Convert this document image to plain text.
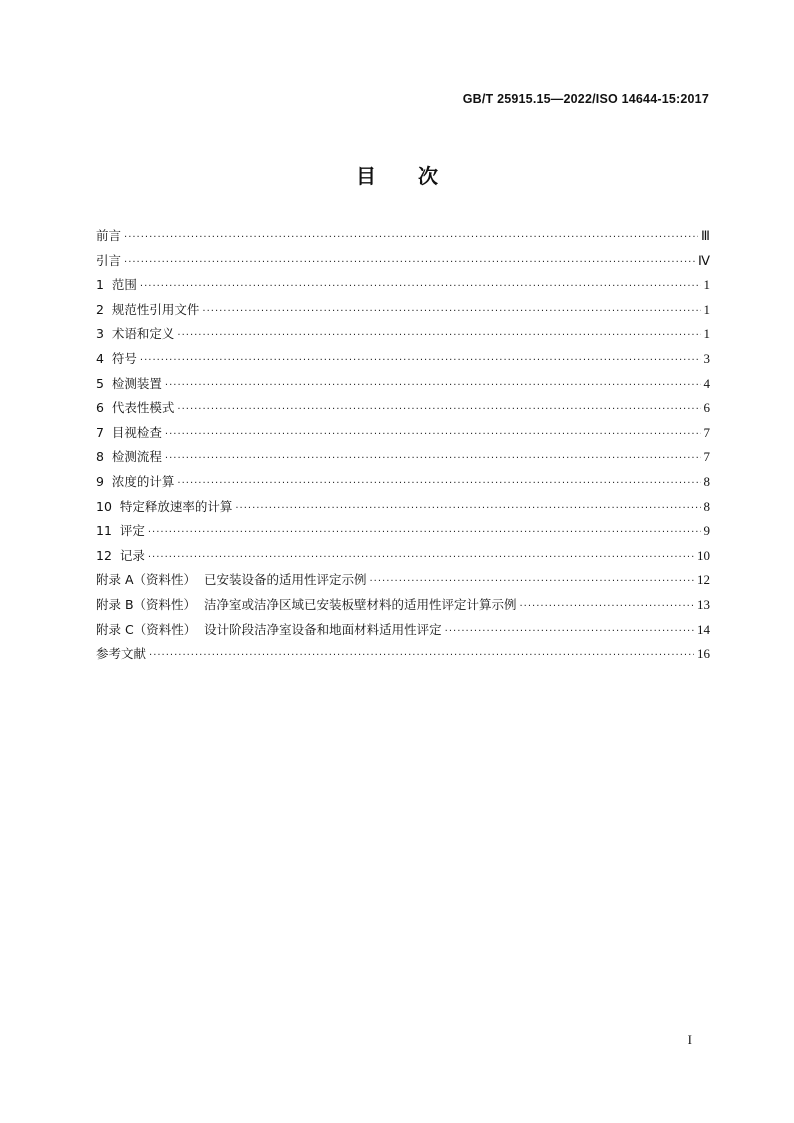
GB/T 25915.15—2022/ISO 14644-15:2017
目 次
前言 ·····	Ⅲ
引言 ·····	Ⅳ
1  范围 ·····	1
2  规范性引用文件 ·····	1
3  术语和定义 ·····	1
4  符号 ·····	3
5  检测装置 ·····	4
6  代表性模式 ·····	6
7  目视检查 ·····	7
8  检测流程 ·····	7
9  浓度的计算 ·····	8
10  特定释放速率的计算 ·····	8
11  评定 ·····	9
12  记录 ·····	10
附录 A（资料性）  已安装设备的适用性评定示例 ·····	12
附录 B（资料性）  洁净室或洁净区域已安装板壁材料的适用性评定计算示例 ·····	13
附录 C（资料性）  设计阶段洁净室设备和地面材料适用性评定 ·····	14
参考文献 ·····	16
I
